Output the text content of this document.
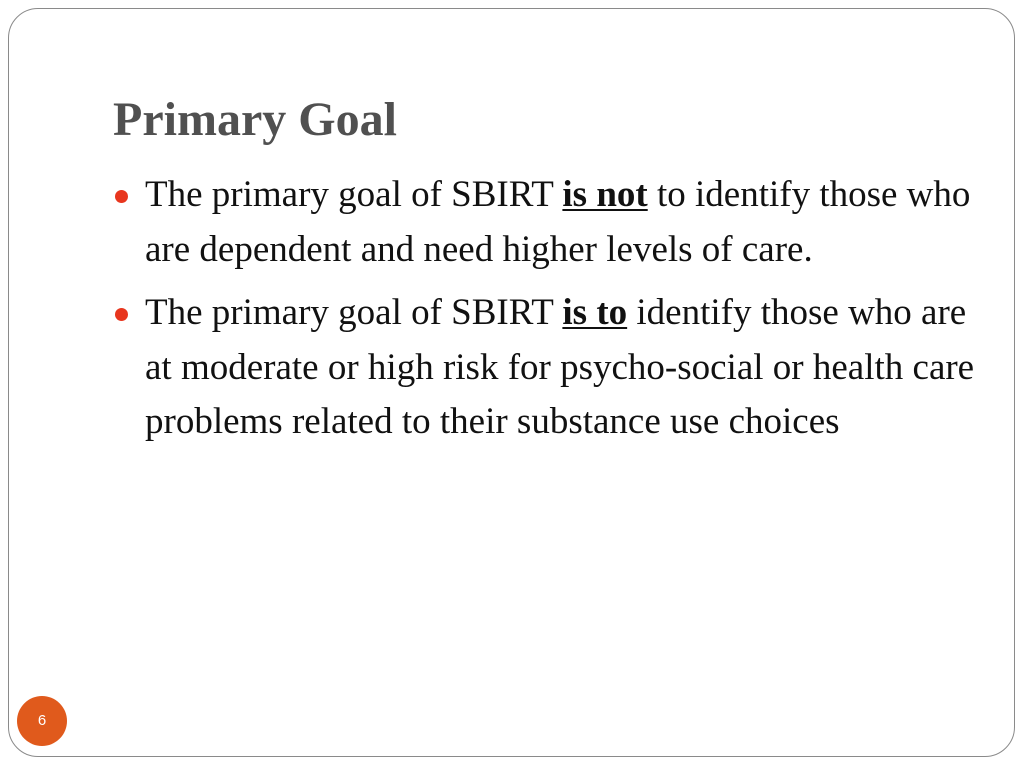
Primary Goal
The primary goal of SBIRT is not to identify those who are dependent and need higher levels of care.
The primary goal of SBIRT is to identify those who are at moderate or high risk for psycho-social or health care problems related to their substance use choices
6
